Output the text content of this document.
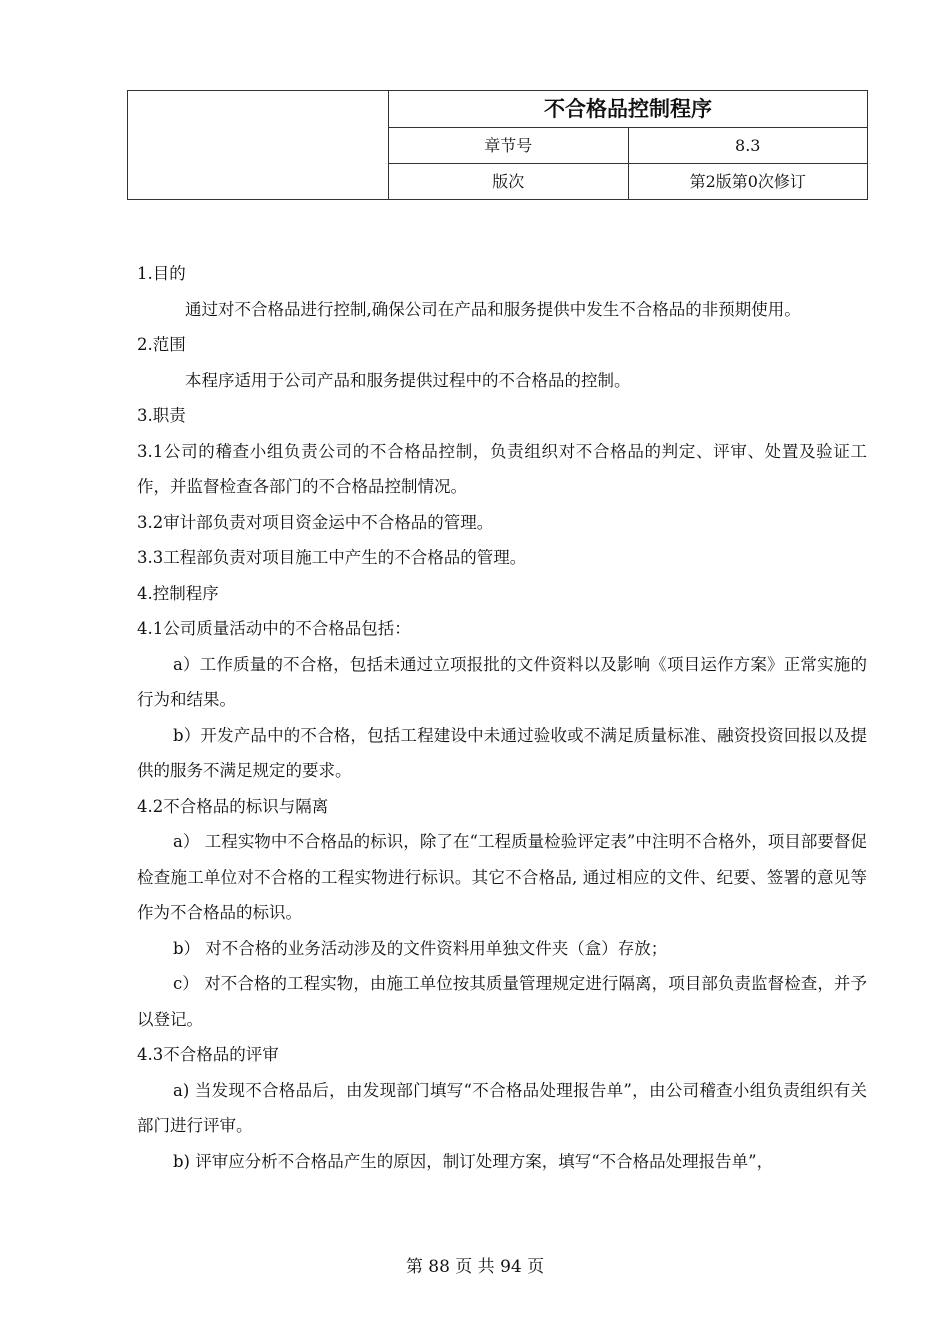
	不合格品控制程序	
	章节号	8.3
	版次	第2版第0次修订

1.目的

通过对不合格品进行控制,确保公司在产品和服务提供中发生不合格品的非预期使用。

2.范围

本程序适用于公司产品和服务提供过程中的不合格品的控制。

3.职责

3.1公司的稽查小组负责公司的不合格品控制，负责组织对不合格品的判定、评审、处置及验证工作，并监督检查各部门的不合格品控制情况。

3.2审计部负责对项目资金运中不合格品的管理。

3.3工程部负责对项目施工中产生的不合格品的管理。

4.控制程序

4.1公司质量活动中的不合格品包括：

a）工作质量的不合格，包括未通过立项报批的文件资料以及影响《项目运作方案》正常实施的行为和结果。

b）开发产品中的不合格，包括工程建设中未通过验收或不满足质量标准、融资投资回报以及提供的服务不满足规定的要求。

4.2不合格品的标识与隔离

a） 工程实物中不合格品的标识，除了在“工程质量检验评定表”中注明不合格外，项目部要督促检查施工单位对不合格的工程实物进行标识。其它不合格品, 通过相应的文件、纪要、签署的意见等作为不合格品的标识。

b） 对不合格的业务活动涉及的文件资料用单独文件夹（盒）存放；

c） 对不合格的工程实物，由施工单位按其质量管理规定进行隔离，项目部负责监督检查，并予以登记。

4.3不合格品的评审

a) 当发现不合格品后，由发现部门填写“不合格品处理报告单”，由公司稽查小组负责组织有关部门进行评审。

b) 评审应分析不合格品产生的原因，制订处理方案，填写“不合格品处理报告单”，

第 88 页 共 94 页
